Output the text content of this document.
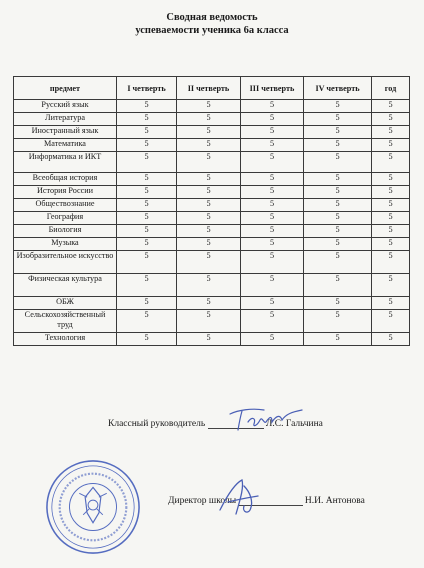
Сводная ведомость
успеваемости ученика 6а класса
предмет	I четверть	II четверть	III четверть	IV четверть	год
Русский язык	5	5	5	5	5
Литература	5	5	5	5	5
Иностранный язык	5	5	5	5	5
Математика	5	5	5	5	5
Информатика и ИКТ	5	5	5	5	5
Всеобщая история	5	5	5	5	5
История России	5	5	5	5	5
Обществознание	5	5	5	5	5
География	5	5	5	5	5
Биология	5	5	5	5	5
Музыка	5	5	5	5	5
Изобразительное искусство	5	5	5	5	5
Физическая культура	5	5	5	5	5
ОБЖ	5	5	5	5	5
Сельскохозяйственный труд	5	5	5	5	5
Технология	5	5	5	5	5
Классный руководитель	Л.С. Гальчина
Директор школы	Н.И. Антонова
